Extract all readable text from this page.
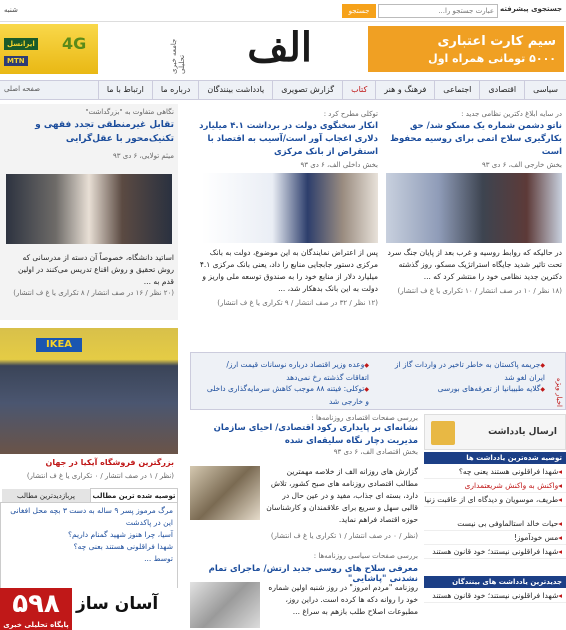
شنبه	جستجو
عبارت جستجو را...	جستجوی پیشرفته
ایرانسل
MTN
4G	الف
جامعه خبری تحلیلی
سیم کارت اعتباری
۵۰۰۰ تومانی همراه اول
سیاسیاقتصادیاجتماعیفرهنگ و هنرکتابگزارش تصویرییادداشت بینندگاندرباره ماارتباط با ما
صفحه اصلی
نگاهی متفاوت به "بزرگداشت"
تقابل غیرمنطقی تجدد فقهی و تکنیک‌محور با عقل‌گرایی
میثم تولایی، ۶ دی ۹۳
اساتید دانشگاه، خصوصاً آن دسته از مدرسانی که روش تحقیق و روش اقناع تدریس می‌کنند در اولین قدم به ...
(۲۰ نظر / ۱۶ در صف انتشار / ۸ تکراری یا غ ف انتشار)
IKEA
بزرگترین فروشگاه آیکیا در جهان
(نظر / ۱ در صف انتشار / ۰ تکراری یا غ ف انتشار)
توصیه شده ترین مطالبپربازدیدترین مطالب
مرگ مرموز پسر ۹ ساله به دست ۳ بچه محل افغانی این در پاکدشت
آسیا، چرا هنوز شهید گمنام داریم؟
شهدا فراقلونی هستند بعنی چه؟
توسط ...
۵۹۸
پایگاه تحلیلی خبری
آسان ساز
در سایه ابلاغ دکترین نظامی جدید :
ناتو دشمن شماره یک مسکو شد/ حق بکارگیری سلاح اتمی برای روسیه محفوظ است
بخش خارجی الف، ۶ دی ۹۳
در حالیکه که روابط روسیه و غرب بعد از پایان جنگ سرد تحت تاثیر شدید جایگاه استراتژیک مسکو، روز گذشته دکترین جدید نظامی خود را منتشر کرد که ...
(۱۸ نظر / ۱۰ در صف انتشار / ۱۰ تکراری یا غ ف انتشار)
توکلی مطرح کرد :
انکار سخنگوی دولت در برداشت ۴.۱ میلیارد دلاری اعجاب آور است/آسیب به اقتصاد با استقراض از بانک مرکزی
بخش داخلی الف، ۶ دی ۹۳
پس از اعتراض نمایندگان به این موضوع، دولت به بانک مرکزی دستور جابجایی منابع را داد، یعنی بانک مرکزی ۴.۱ میلیارد دلار از منابع خود را به صندوق توسعه ملی واریز و دولت به این بانک بدهکار شد، ...
(۱۲ نظر / ۳۲ در صف انتشار / ۹ تکراری یا غ ف انتشار)
اخبار ویژه
◆ جریمه پاکستان به خاطر تاخیر در واردات گاز از ایران لغو شد
◆ گلایه طبیبانیا از تعرفه‌های بورسی
◆ وعده وزیر اقتصاد درباره نوسانات قیمت ارز/ اتفاقات گذشته رخ نمی‌دهد
◆ توکلی: فیتنه ۸۸ موجب کاهش سرمایه‌گذاری داخلی و خارجی شد
بررسی صفحات اقتصادی روزنامه‌ها :
نشانه‌ای بر پایداری رکود اقتصادی/ احیای سازمان مدیریت دچار نگاه سلیقه‌ای شده
بخش اقتصادی الف، ۶ دی ۹۳
گزارش های روزانه الف از خلاصه مهمترین مطالب اقتصادی روزنامه های صبح کشور، تلاش دارد، بسته ای جذاب، مفید و در عین حال در قالبی سهل و سریع برای علاقمندان و کارشناسان حوزه اقتصاد فراهم نماید.
(نظر / ۰ در صف انتشار / ۱ تکراری یا غ ف انتشار)
بررسی صفحات سیاسی روزنامه‌ها :
معرفی سلاح های روسی جدید ارتش/ ماجرای تمام نشدنی "پاشایی"
روزنامه "مردم امروز" در روز شنبه اولین شماره خود را روانه دکه ها کرده است. دراین روز، مطبوعات اصلاح طلب بازهم به سراغ ...
ارسال یادداشت
توصیه شده‌ترین یادداشت ها
◂ شهدا فراقلونی هستند یعنی چه؟
◂ واکنش به واکنش شریعتمداری
◂ طریف، موسویان و دیدگاه ای از عاقبت زنیا
◂ حیات خالد استالماوفی بی نیست
◂ مس خودآموز!
◂ شهدا فراقلونی نیستند؛ خود قانون هستند
جدیدترین یادداشت های بینندگان
◂ شهدا فراقلونی نیستند؛ خود قانون هستند
